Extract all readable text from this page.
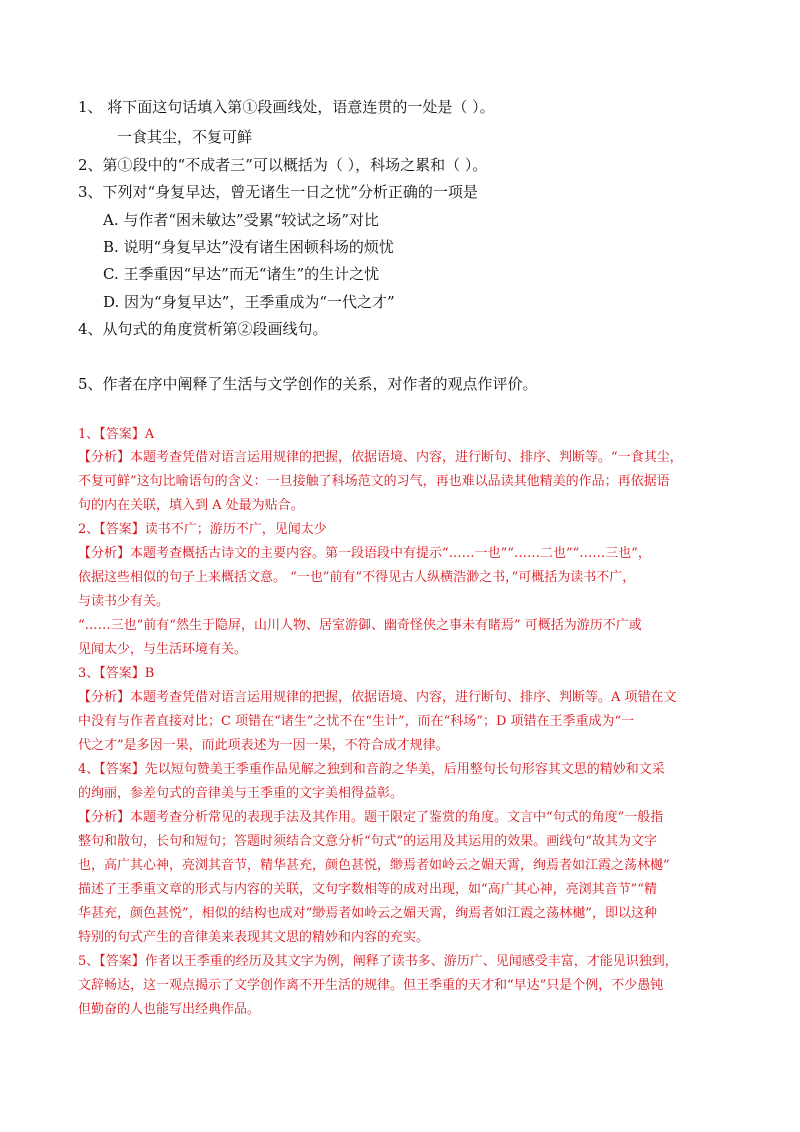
1、 将下面这句话填入第①段画线处，语意连贯的一处是（ ）。
一食其尘，不复可鲜
2、第①段中的“不成者三”可以概括为（ ），科场之累和（ ）。
3、下列对“身复早达，曾无诸生一日之忧”分析正确的一项是
A. 与作者“困未敏达”受累“较试之场”对比
B. 说明“身复早达”没有诸生困顿科场的烦忧
C. 王季重因“早达”而无“诸生”的生计之忧
D. 因为“身复早达”，王季重成为“一代之才”
4、从句式的角度赏析第②段画线句。
5、作者在序中阐释了生活与文学创作的关系，对作者的观点作评价。
1、【答案】A
【分析】本题考查凭借对语言运用规律的把握，依据语境、内容，进行断句、排序、判断等。“一食其尘，
不复可鲜”这句比喻语句的含义：一旦接触了科场范文的习气，再也难以品读其他精美的作品；再依据语
句的内在关联，填入到 A 处最为贴合。
2、【答案】读书不广；游历不广，见闻太少
【分析】本题考查概括古诗文的主要内容。第一段语段中有提示“……一也”“……二也”“……三也”，
依据这些相似的句子上来概括文意。 “一也”前有“不得见古人纵横浩渺之书，”可概括为读书不广，
与读书少有关。
“……三也”前有“然生于隐屏，山川人物、居室游御、幽奇怪侠之事未有睹焉” 可概括为游历不广或
见闻太少，与生活环境有关。
3、【答案】B
【分析】本题考查凭借对语言运用规律的把握，依据语境、内容，进行断句、排序、判断等。A 项错在文
中没有与作者直接对比；C 项错在“诸生”之忧不在“生计”，而在“科场”；D 项错在王季重成为“一
代之才”是多因一果，而此项表述为一因一果，不符合成才规律。
4、【答案】先以短句赞美王季重作品见解之独到和音韵之华美，后用整句长句形容其文思的精妙和文采
的绚丽，参差句式的音律美与王季重的文字美相得益彰。
【分析】本题考查分析常见的表现手法及其作用。题干限定了鉴赏的角度。文言中“句式的角度”一般指
整句和散句，长句和短句；答题时须结合文意分析“句式”的运用及其运用的效果。画线句“故其为文字
也，高广其心神，亮浏其音节，精华甚充，颜色甚悦，缈焉者如岭云之媚天霄，绚焉者如江霞之荡林樾”
描述了王季重文章的形式与内容的关联，文句字数相等的成对出现，如“高广其心神，亮浏其音节”“精
华甚充，颜色甚悦”，相似的结构也成对“缈焉者如岭云之媚天霄，绚焉者如江霞之荡林樾”，即以这种
特别的句式产生的音律美来表现其文思的精妙和内容的充实。
5、【答案】作者以王季重的经历及其文字为例，阐释了读书多、游历广、见闻感受丰富，才能见识独到，
文辞畅达，这一观点揭示了文学创作离不开生活的规律。但王季重的天才和“早达”只是个例，不少愚钝
但勤奋的人也能写出经典作品。
